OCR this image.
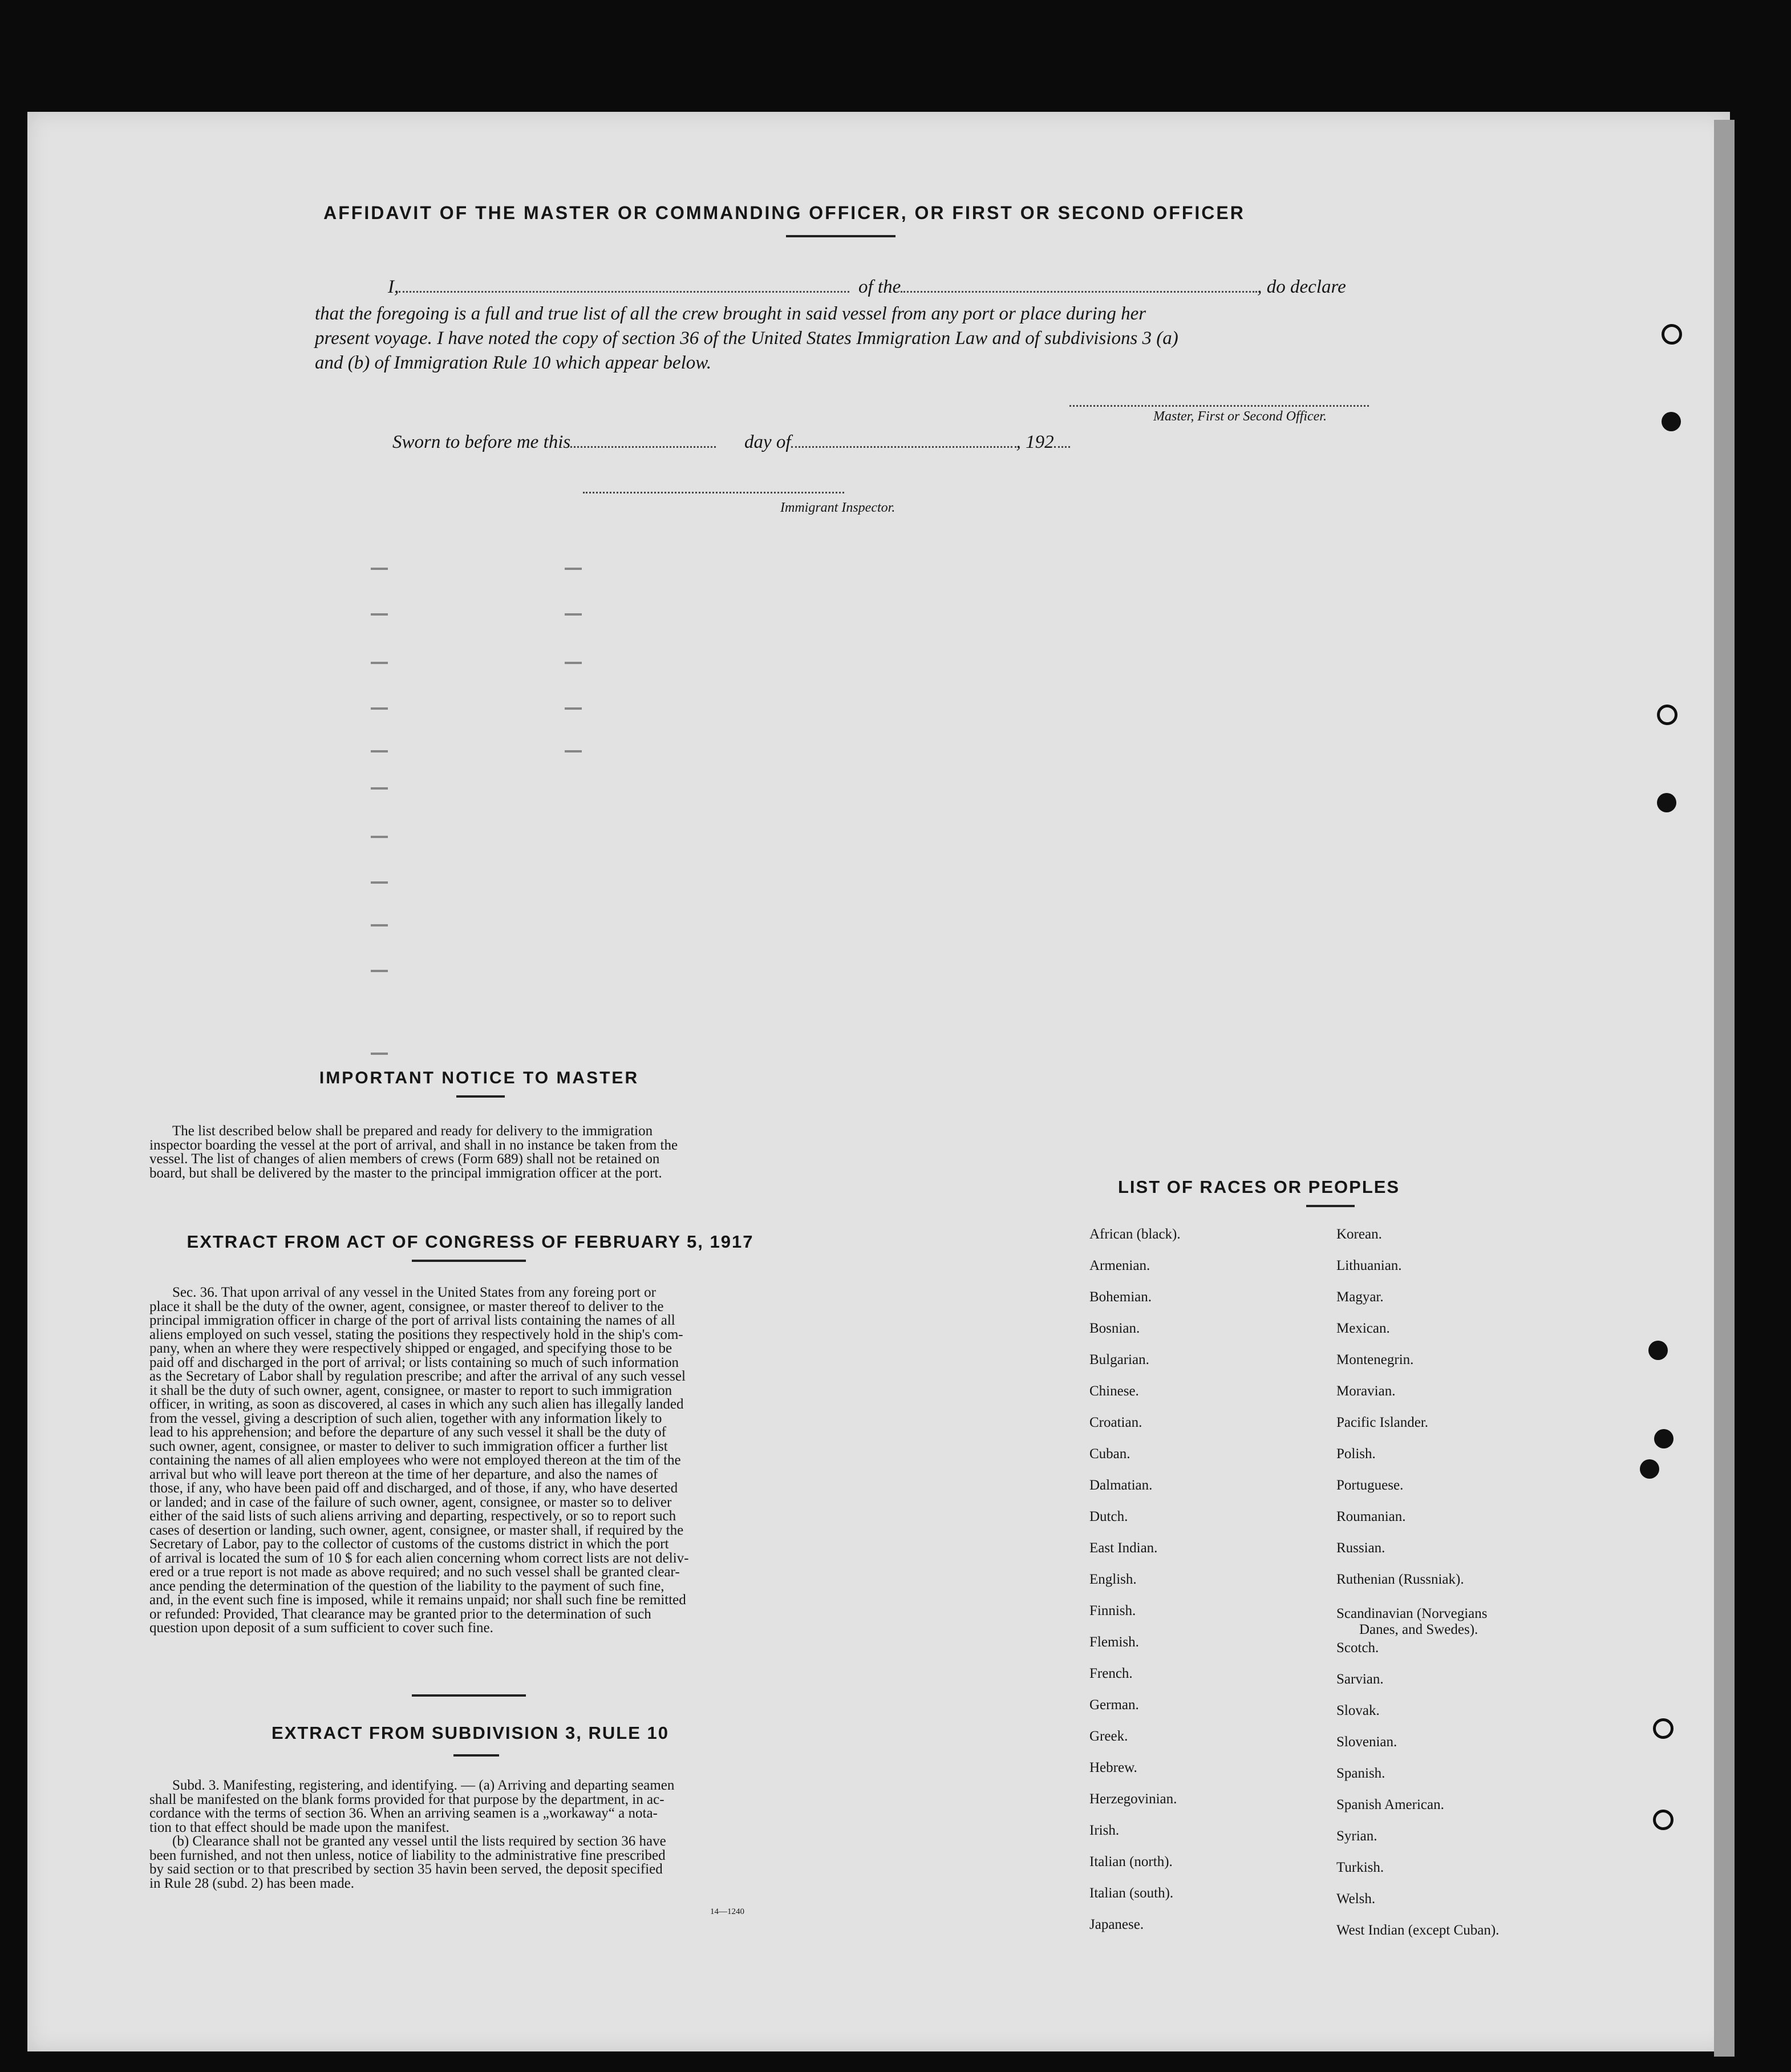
AFFIDAVIT OF THE MASTER OR COMMANDING OFFICER, OR FIRST OR SECOND OFFICER
I,	of the	, do declare
that the foregoing is a full and true list of all the crew brought in said vessel from any port or place during her
present voyage. I have noted the copy of section 36 of the United States Immigration Law and of subdivisions 3 (a)
and (b) of Immigration Rule 10 which appear below.
Master, First or Second Officer.
Sworn to before me this	day of	, 192
Immigrant Inspector.
IMPORTANT NOTICE TO MASTER

The list described below shall be prepared and ready for delivery to the immigration

inspector boarding the vessel at the port of arrival, and shall in no instance be taken from the
vessel. The list of changes of alien members of crews (Form 689) shall not be retained on
board, but shall be delivered by the master to the principal immigration officer at the port.
EXTRACT FROM ACT OF CONGRESS OF FEBRUARY 5, 1917

Sec. 36. That upon arrival of any vessel in the United States from any foreing port or

place it shall be the duty of the owner, agent, consignee, or master thereof to deliver to the
principal immigration officer in charge of the port of arrival lists containing the names of all
aliens employed on such vessel, stating the positions they respectively hold in the ship's com-
pany, when an where they were respectively shipped or engaged, and specifying those to be
paid off and discharged in the port of arrival; or lists containing so much of such information
as the Secretary of Labor shall by regulation prescribe; and after the arrival of any such vessel
it shall be the duty of such owner, agent, consignee, or master to report to such immigration
officer, in writing, as soon as discovered, al cases in which any such alien has illegally landed
from the vessel, giving a description of such alien, together with any information likely to
lead to his apprehension; and before the departure of any such vessel it shall be the duty of
such owner, agent, consignee, or master to deliver to such immigration officer a further list
containing the names of all alien employees who were not employed thereon at the tim of the
arrival but who will leave port thereon at the time of her departure, and also the names of
those, if any, who have been paid off and discharged, and of those, if any, who have deserted
or landed; and in case of the failure of such owner, agent, consignee, or master so to deliver
either of the said lists of such aliens arriving and departing, respectively, or so to report such
cases of desertion or landing, such owner, agent, consignee, or master shall, if required by the
Secretary of Labor, pay to the collector of customs of the customs district in which the port
of arrival is located the sum of 10 $ for each alien concerning whom correct lists are not deliv-
ered or a true report is not made as above required; and no such vessel shall be granted clear-
ance pending the determination of the question of the liability to the payment of such fine,
and, in the event such fine is imposed, while it remains unpaid; nor shall such fine be remitted
or refunded: Provided, That clearance may be granted prior to the determination of such
question upon deposit of a sum sufficient to cover such fine.
EXTRACT FROM SUBDIVISION 3, RULE 10

Subd. 3. Manifesting, registering, and identifying. — (a) Arriving and departing seamen

shall be manifested on the blank forms provided for that purpose by the department, in ac-
cordance with the terms of section 36. When an arriving seamen is a „workaway“ a nota-
tion to that effect should be made upon the manifest.

(b) Clearance shall not be granted any vessel until the lists required by section 36 have

been furnished, and not then unless, notice of liability to the administrative fine prescribed
by said section or to that prescribed by section 35 havin been served, the deposit specified
in Rule 28 (subd. 2) has been made.
14—1240
LIST OF RACES OR PEOPLES
African (black).
Armenian.
Bohemian.
Bosnian.
Bulgarian.
Chinese.
Croatian.
Cuban.
Dalmatian.
Dutch.
East Indian.
English.
Finnish.
Flemish.
French.
German.
Greek.
Hebrew.
Herzegovinian.
Irish.
Italian (north).
Italian (south).
Japanese.
Korean.
Lithuanian.
Magyar.
Mexican.
Montenegrin.
Moravian.
Pacific Islander.
Polish.
Portuguese.
Roumanian.
Russian.
Ruthenian (Russniak).
Scandinavian (Norvegians
Danes, and Swedes).
Scotch.
Sarvian.
Slovak.
Slovenian.
Spanish.
Spanish American.
Syrian.
Turkish.
Welsh.
West Indian (except Cuban).
